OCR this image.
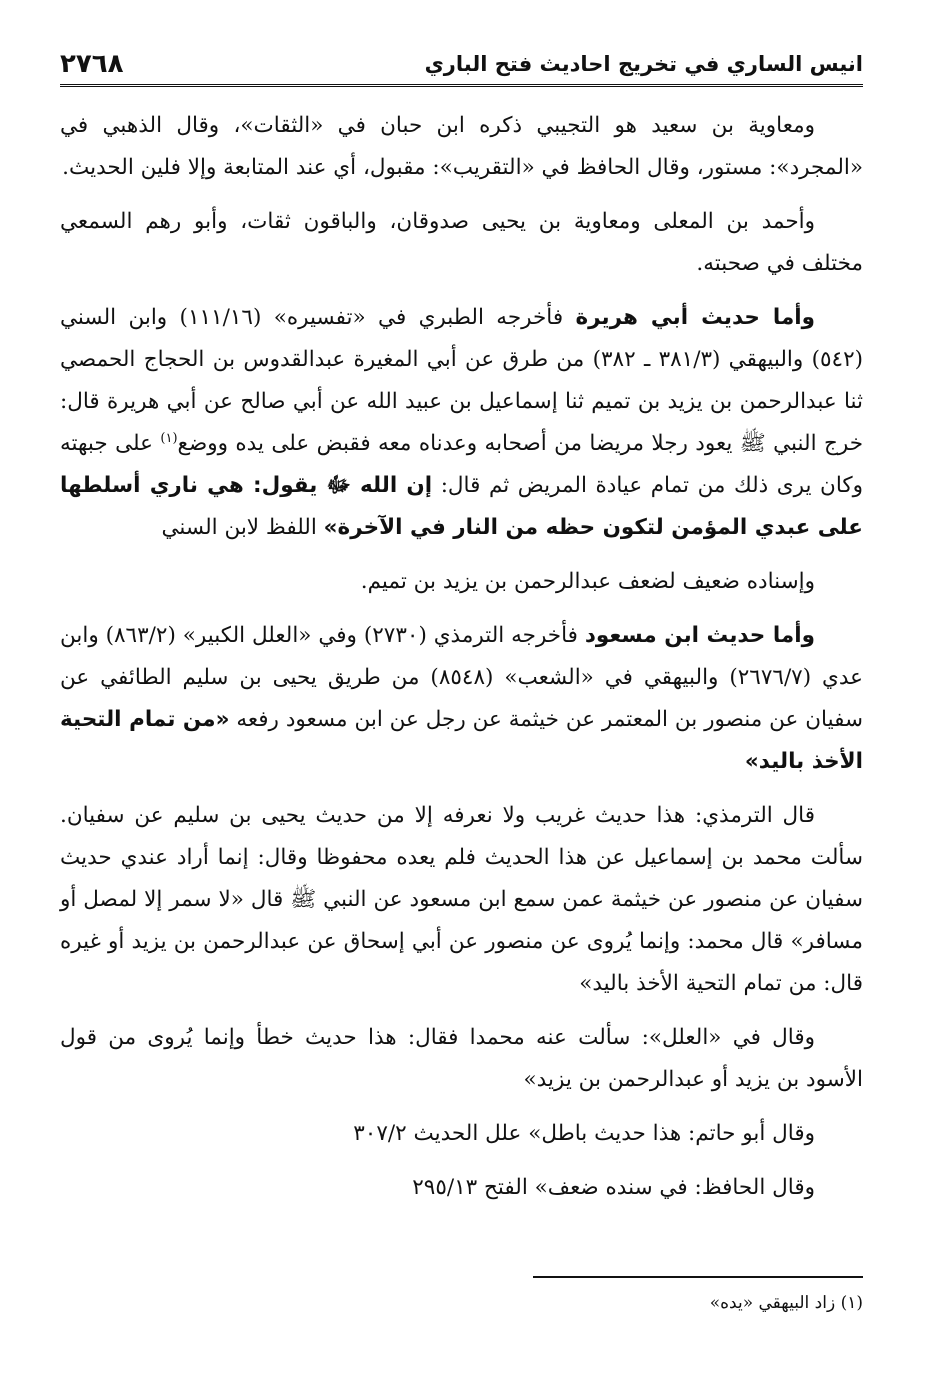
انيس الساري في تخريج احاديث فتح الباري
٢٧٦٨

ومعاوية بن سعيد هو التجيبي ذكره ابن حبان في «الثقات»، وقال الذهبي في «المجرد»: مستور، وقال الحافظ في «التقريب»: مقبول، أي عند المتابعة وإلا فلين الحديث.

وأحمد بن المعلى ومعاوية بن يحيى صدوقان، والباقون ثقات، وأبو رهم السمعي مختلف في صحبته.

وأما حديث أبي هريرة فأخرجه الطبري في «تفسيره» (١١١/١٦) وابن السني (٥٤٢) والبيهقي (٣٨١/٣ ـ ٣٨٢) من طرق عن أبي المغيرة عبدالقدوس بن الحجاج الحمصي ثنا عبدالرحمن بن يزيد بن تميم ثنا إسماعيل بن عبيد الله عن أبي صالح عن أبي هريرة قال: خرج النبي ﷺ يعود رجلا مريضا من أصحابه وعدناه معه فقبض على يده ووضع$^{(١)}$ على جبهته وكان يرى ذلك من تمام عيادة المريض ثم قال: إن الله ﷻ يقول: هي ناري أسلطها على عبدي المؤمن لتكون حظه من النار في الآخرة» اللفظ لابن السني

وإسناده ضعيف لضعف عبدالرحمن بن يزيد بن تميم.

وأما حديث ابن مسعود فأخرجه الترمذي (٢٧٣٠) وفي «العلل الكبير» (٨٦٣/٢) وابن عدي (٢٦٧٦/٧) والبيهقي في «الشعب» (٨٥٤٨) من طريق يحيى بن سليم الطائفي عن سفيان عن منصور بن المعتمر عن خيثمة عن رجل عن ابن مسعود رفعه «من تمام التحية الأخذ باليد»

قال الترمذي: هذا حديث غريب ولا نعرفه إلا من حديث يحيى بن سليم عن سفيان. سألت محمد بن إسماعيل عن هذا الحديث فلم يعده محفوظا وقال: إنما أراد عندي حديث سفيان عن منصور عن خيثمة عمن سمع ابن مسعود عن النبي ﷺ قال «لا سمر إلا لمصل أو مسافر» قال محمد: وإنما يُروى عن منصور عن أبي إسحاق عن عبدالرحمن بن يزيد أو غيره قال: من تمام التحية الأخذ باليد»

وقال في «العلل»: سألت عنه محمدا فقال: هذا حديث خطأ وإنما يُروى من قول الأسود بن يزيد أو عبدالرحمن بن يزيد»

وقال أبو حاتم: هذا حديث باطل» علل الحديث ٣٠٧/٢

وقال الحافظ: في سنده ضعف» الفتح ٢٩٥/١٣

(١) زاد البيهقي «يده»
